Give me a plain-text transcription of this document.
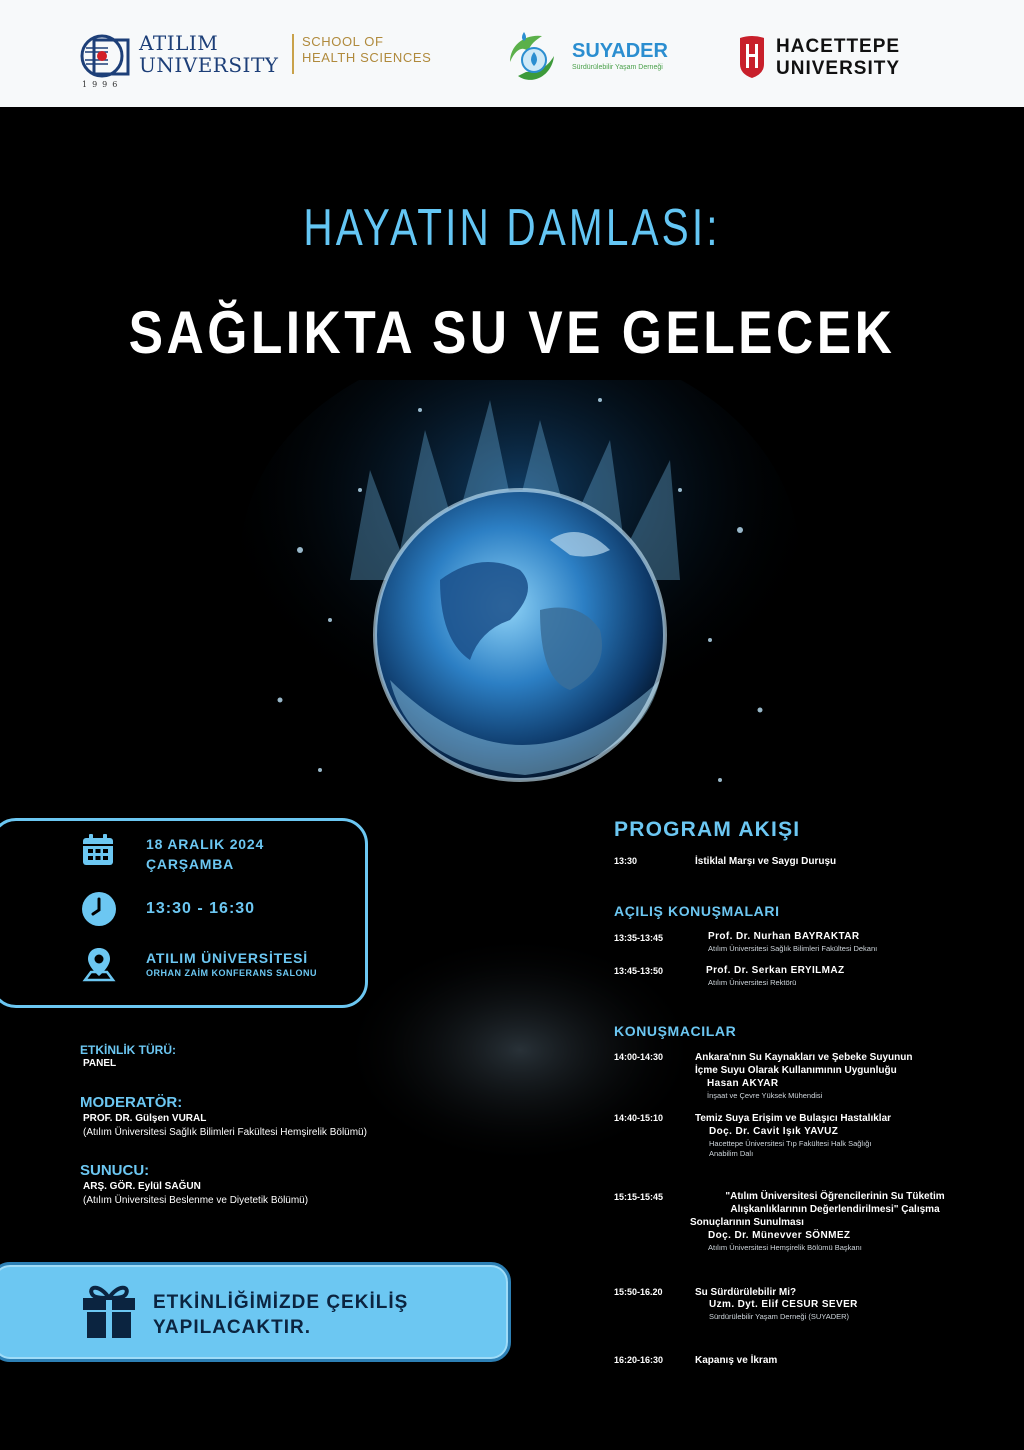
ATILIM
UNIVERSITY
1996
SCHOOL OF
HEALTH SCIENCES	SUYADER
Sürdürülebilir Yaşam Derneği
HACETTEPE
UNIVERSITY
HAYATIN DAMLASI:
SAĞLIKTA SU VE GELECEK
18 ARALIK 2024
ÇARŞAMBA
13:30 - 16:30
ATILIM ÜNİVERSİTESİ
ORHAN ZAİM KONFERANS SALONU
ETKİNLİK TÜRÜ:
PANEL
MODERATÖR:
PROF. DR. Gülşen VURAL
(Atılım Üniversitesi Sağlık Bilimleri Fakültesi Hemşirelik Bölümü)
SUNUCU:
ARŞ. GÖR. Eylül SAĞUN
(Atılım Üniversitesi Beslenme ve Diyetetik Bölümü)
ETKİNLİĞİMİZDE ÇEKİLİŞ
YAPILACAKTIR.
PROGRAM AKIŞI
13:30	İstiklal Marşı ve Saygı Duruşu
AÇILIŞ KONUŞMALARI
13:35-13:45	Prof. Dr. Nurhan BAYRAKTAR
Atılım Üniversitesi Sağlık Bilimleri Fakültesi Dekanı
13:45-13:50	Prof. Dr. Serkan ERYILMAZ
Atılım Üniversitesi Rektörü
KONUŞMACILAR
14:00-14:30	Ankara'nın Su Kaynakları ve Şebeke Suyunun
İçme Suyu Olarak Kullanımının Uygunluğu
Hasan AKYAR
İnşaat ve Çevre Yüksek Mühendisi
14:40-15:10	Temiz Suya Erişim ve Bulaşıcı Hastalıklar
Doç. Dr. Cavit Işık YAVUZ
Hacettepe Üniversitesi Tıp Fakültesi Halk Sağlığı
Anabilim Dalı
15:15-15:45	"Atılım Üniversitesi Öğrencilerinin Su Tüketim
Alışkanlıklarının Değerlendirilmesi" Çalışma
Sonuçlarının Sunulması
Doç. Dr. Münevver SÖNMEZ
Atılım Üniversitesi Hemşirelik Bölümü Başkanı
15:50-16.20	Su Sürdürülebilir Mi?
Uzm. Dyt. Elif CESUR SEVER
Sürdürülebilir Yaşam Derneği (SUYADER)
16:20-16:30	Kapanış ve İkram
